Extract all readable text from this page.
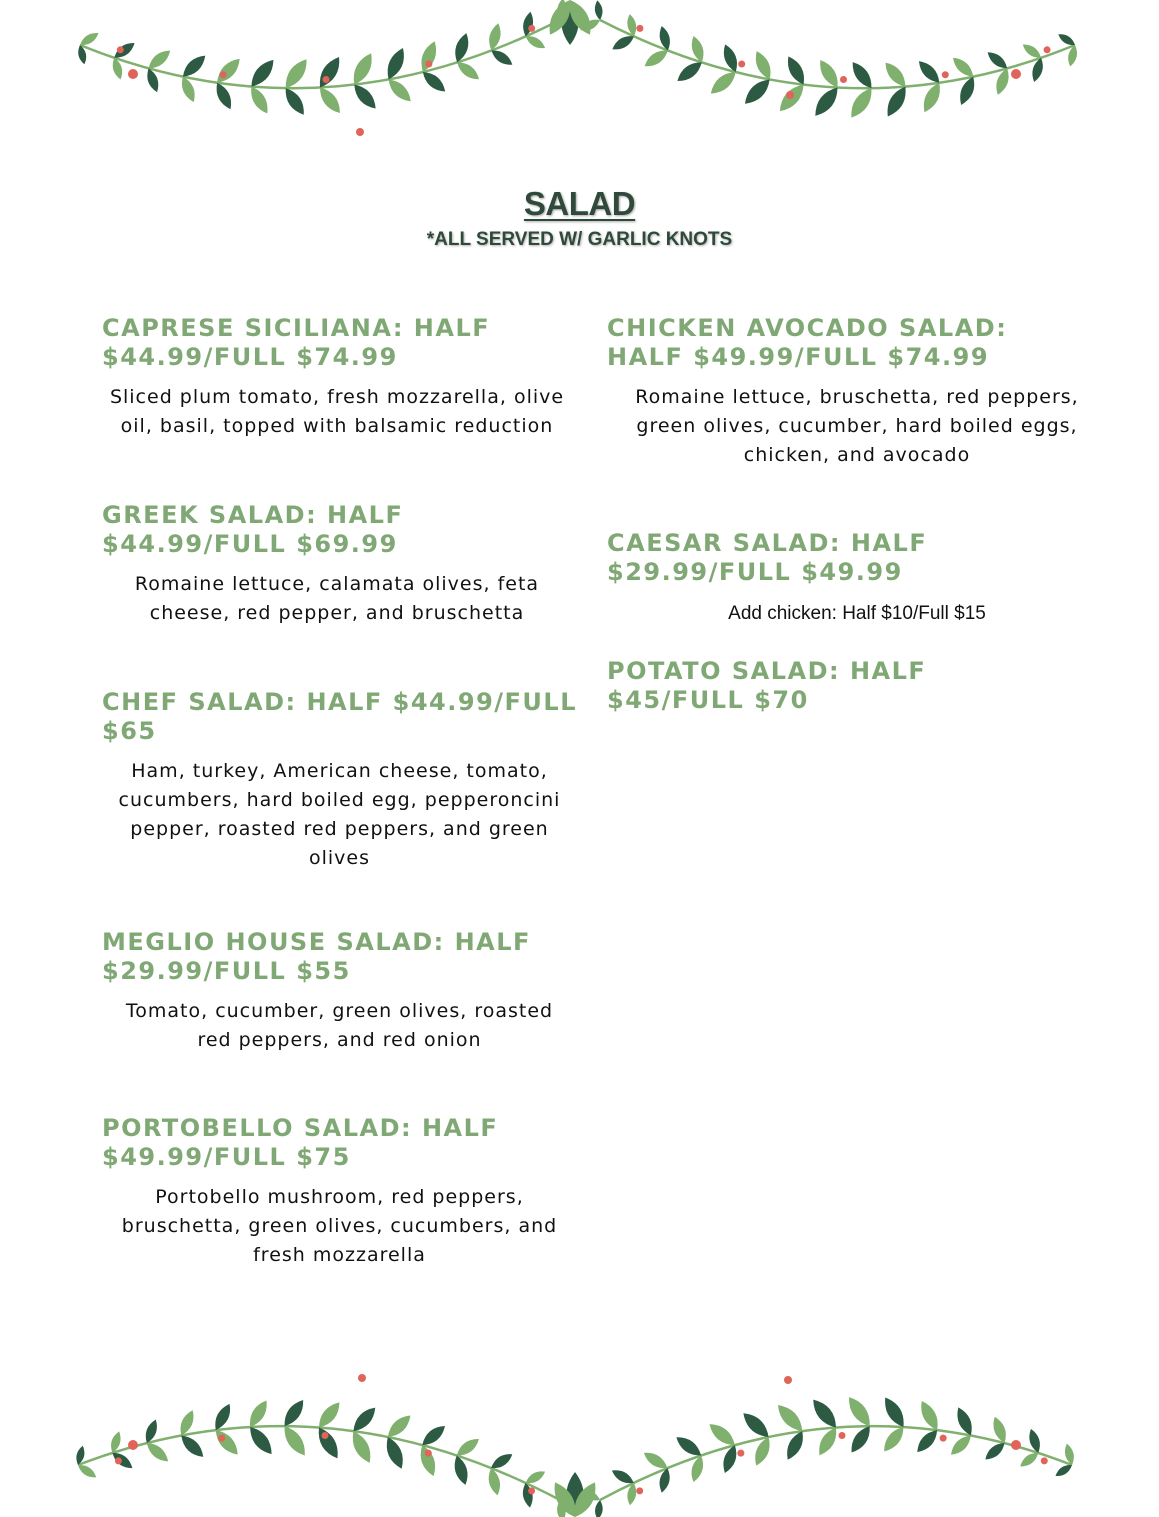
SALAD
*ALL SERVED W/ GARLIC KNOTS
CAPRESE SICILIANA: HALF $44.99/FULL $74.99
Sliced plum tomato, fresh mozzarella, olive oil, basil, topped with balsamic reduction
GREEK SALAD: HALF $44.99/FULL $69.99
Romaine lettuce, calamata olives, feta cheese, red pepper, and bruschetta
CHEF SALAD: HALF $44.99/FULL $65
Ham, turkey, American cheese, tomato, cucumbers, hard boiled egg, pepperoncini pepper, roasted red peppers, and green olives
MEGLIO HOUSE SALAD: HALF $29.99/FULL $55
Tomato, cucumber, green olives, roasted red peppers, and red onion
PORTOBELLO SALAD: HALF $49.99/FULL $75
Portobello mushroom, red peppers, bruschetta, green olives, cucumbers, and fresh mozzarella
CHICKEN AVOCADO SALAD: HALF $49.99/FULL $74.99
Romaine lettuce, bruschetta, red peppers, green olives, cucumber, hard boiled eggs, chicken, and avocado
CAESAR SALAD: HALF $29.99/FULL $49.99
Add chicken: Half $10/Full $15
POTATO SALAD: HALF $45/FULL $70
